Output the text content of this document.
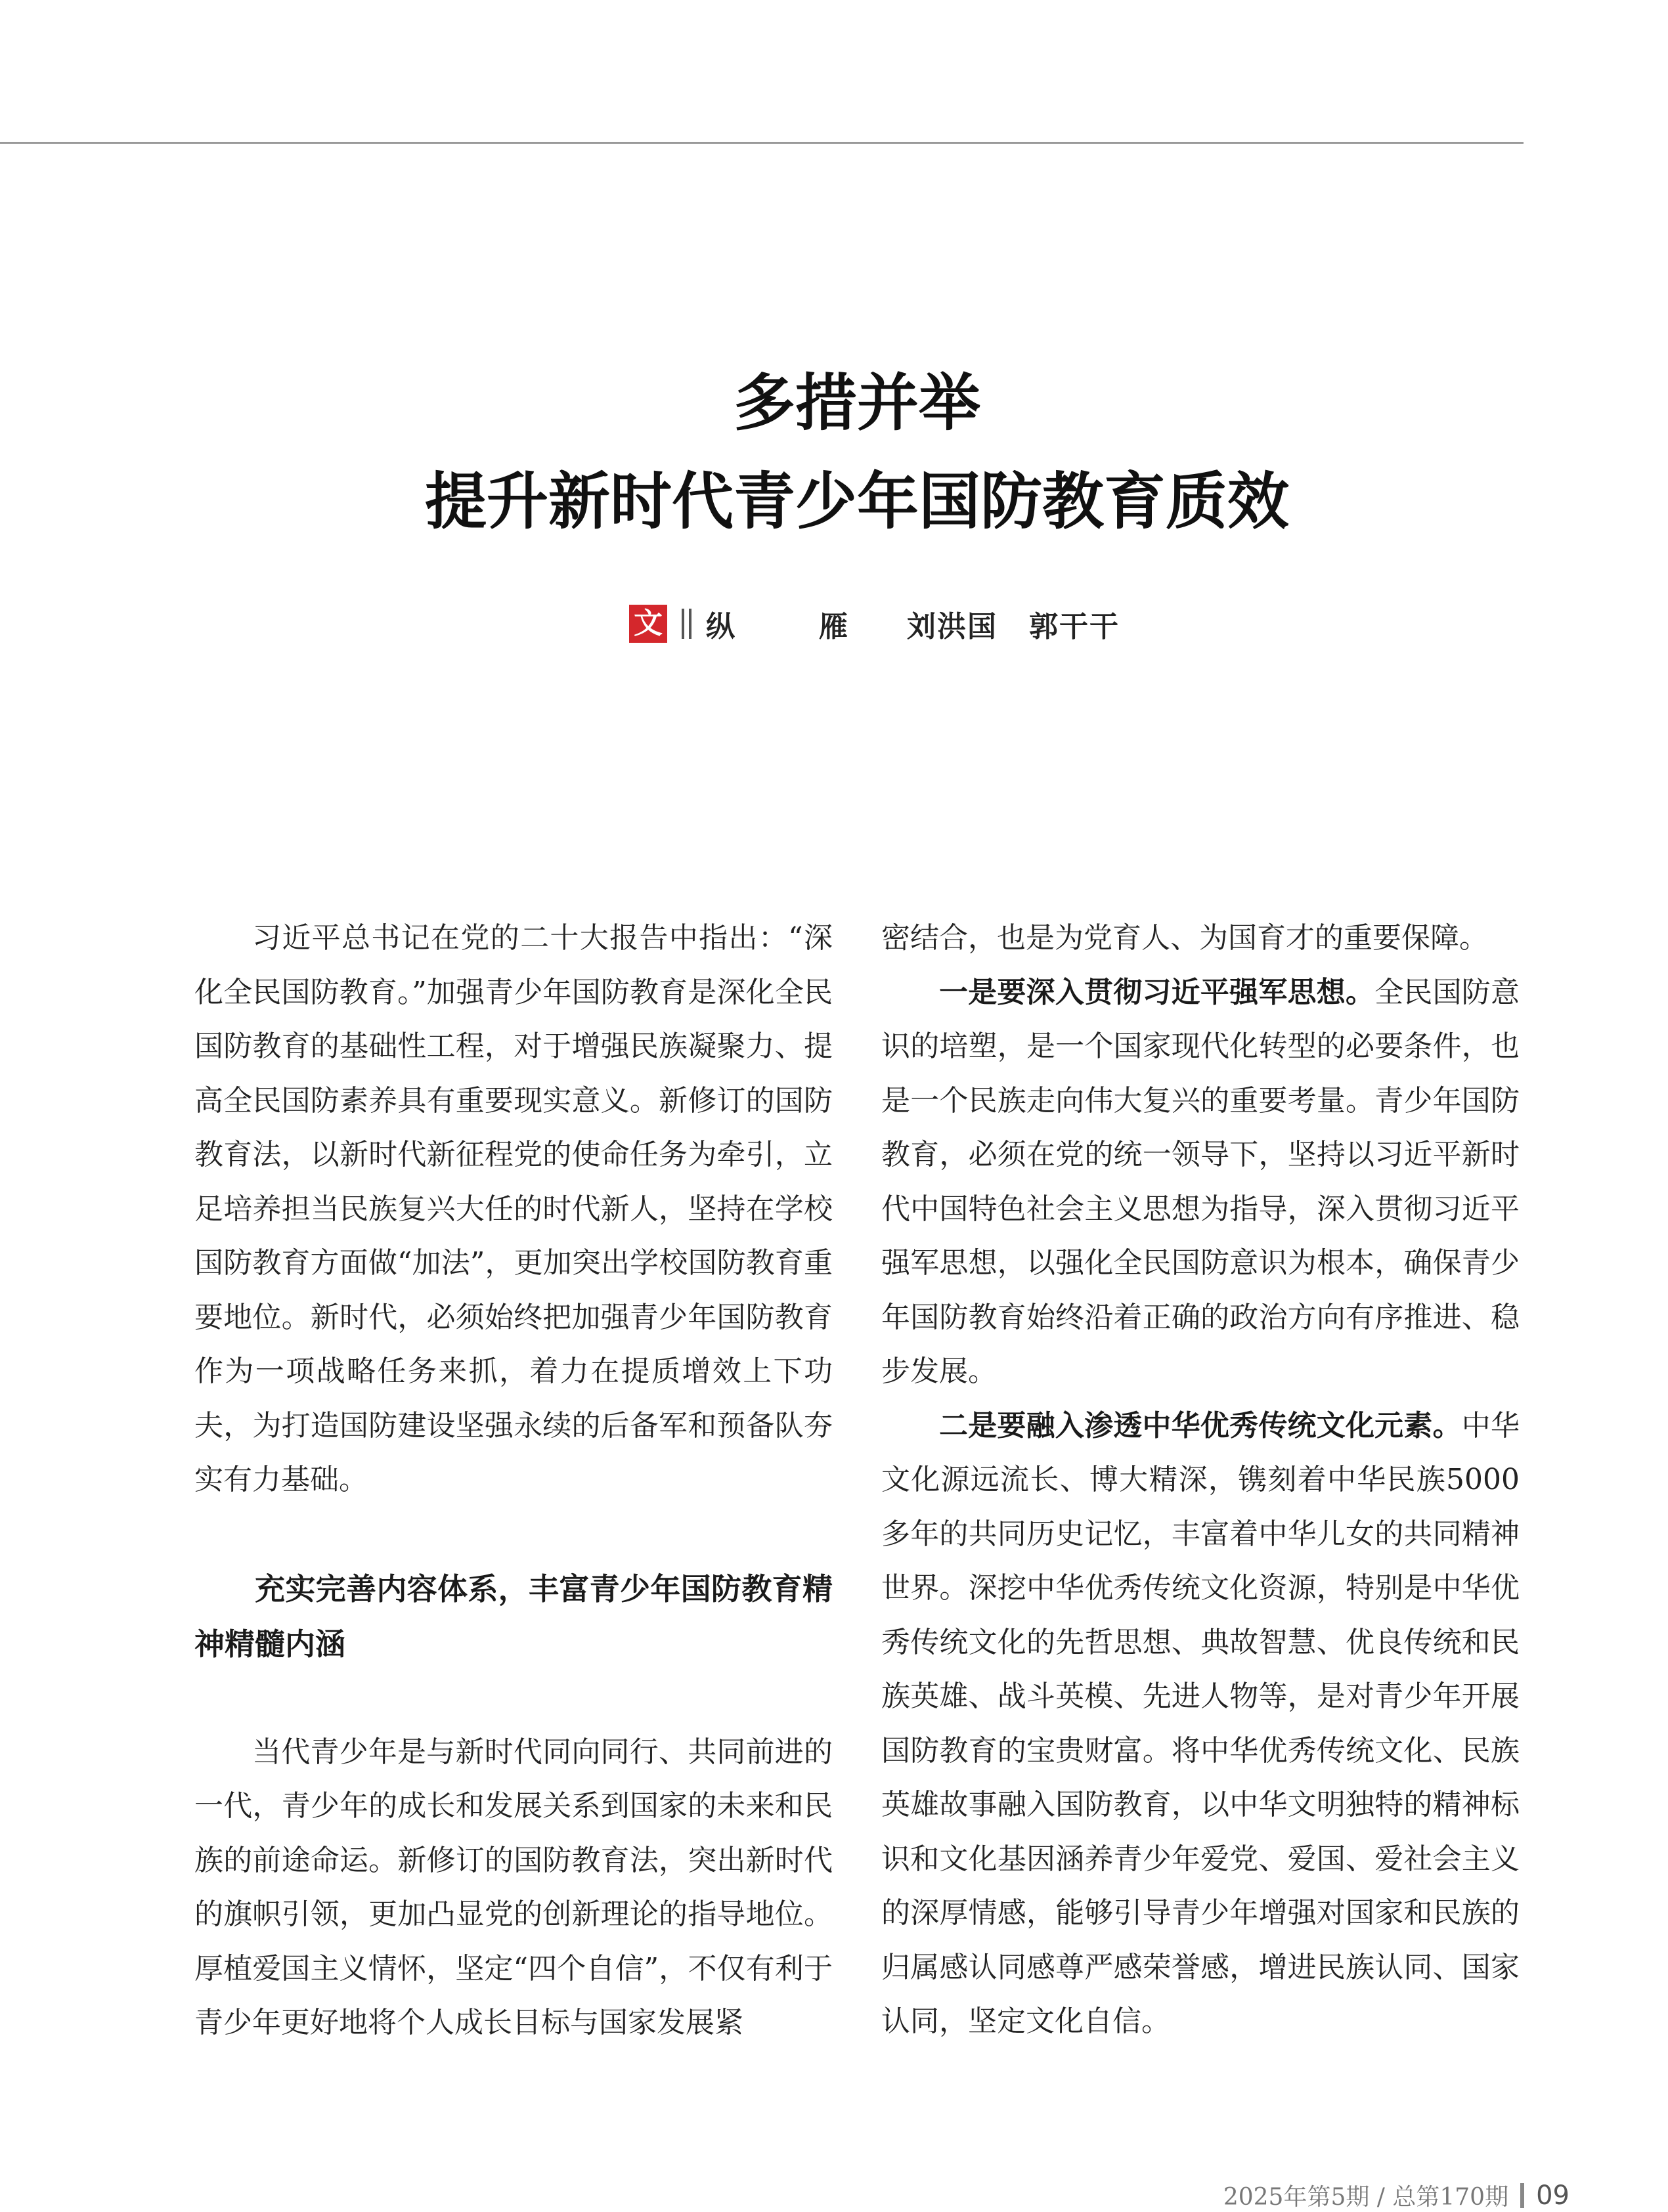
多措并举

提升新时代青少年国防教育质效

文 纵　雁 刘洪国 郭干干

习近平总书记在党的二十大报告中指出：“深化全民国防教育。”加强青少年国防教育是深化全民国防教育的基础性工程，对于增强民族凝聚力、提高全民国防素养具有重要现实意义。新修订的国防教育法，以新时代新征程党的使命任务为牵引，立足培养担当民族复兴大任的时代新人，坚持在学校国防教育方面做“加法”，更加突出学校国防教育重要地位。新时代，必须始终把加强青少年国防教育作为一项战略任务来抓，着力在提质增效上下功夫，为打造国防建设坚强永续的后备军和预备队夯实有力基础。

充实完善内容体系，丰富青少年国防教育精神精髓内涵

当代青少年是与新时代同向同行、共同前进的一代，青少年的成长和发展关系到国家的未来和民族的前途命运。新修订的国防教育法，突出新时代的旗帜引领，更加凸显党的创新理论的指导地位。厚植爱国主义情怀，坚定“四个自信”，不仅有利于青少年更好地将个人成长目标与国家发展紧

密结合，也是为党育人、为国育才的重要保障。

一是要深入贯彻习近平强军思想。全民国防意识的培塑，是一个国家现代化转型的必要条件，也是一个民族走向伟大复兴的重要考量。青少年国防教育，必须在党的统一领导下，坚持以习近平新时代中国特色社会主义思想为指导，深入贯彻习近平强军思想，以强化全民国防意识为根本，确保青少年国防教育始终沿着正确的政治方向有序推进、稳步发展。

二是要融入渗透中华优秀传统文化元素。中华文化源远流长、博大精深，镌刻着中华民族5000多年的共同历史记忆，丰富着中华儿女的共同精神世界。深挖中华优秀传统文化资源，特别是中华优秀传统文化的先哲思想、典故智慧、优良传统和民族英雄、战斗英模、先进人物等，是对青少年开展国防教育的宝贵财富。将中华优秀传统文化、民族英雄故事融入国防教育，以中华文明独特的精神标识和文化基因涵养青少年爱党、爱国、爱社会主义的深厚情感，能够引导青少年增强对国家和民族的归属感认同感尊严感荣誉感，增进民族认同、国家认同，坚定文化自信。

2025年第5期 / 总第170期 09
